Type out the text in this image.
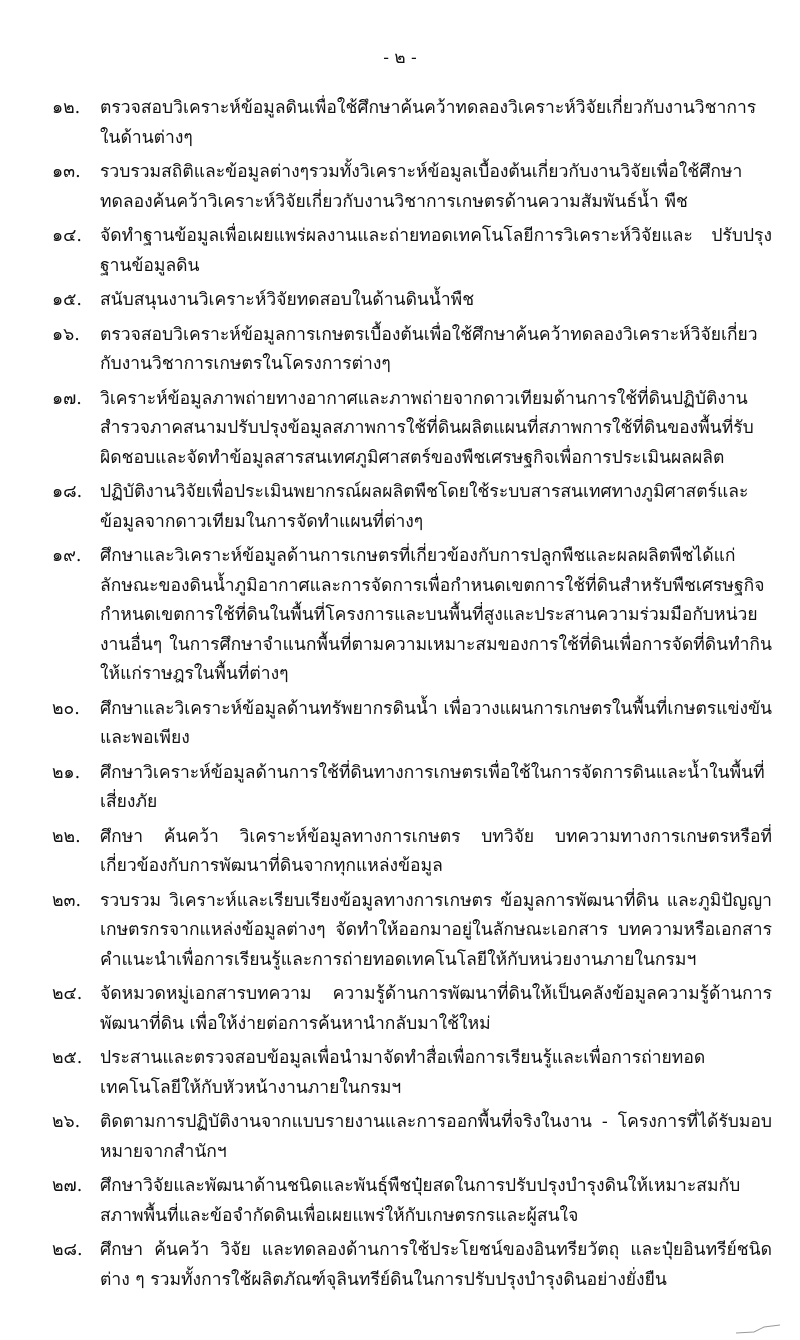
- ๒ -
๑๒.	ตรวจสอบวิเคราะห์ข้อมูลดินเพื่อใช้ศึกษาค้นคว้าทดลองวิเคราะห์วิจัยเกี่ยวกับงานวิชาการในด้านต่างๆ
๑๓.	รวบรวมสถิติและข้อมูลต่างๆรวมทั้งวิเคราะห์ข้อมูลเบื้องต้นเกี่ยวกับงานวิจัยเพื่อใช้ศึกษาทดลองค้นคว้าวิเคราะห์วิจัยเกี่ยวกับงานวิชาการเกษตรด้านความสัมพันธ์น้ำ พืช
๑๔.	จัดทำฐานข้อมูลเพื่อเผยแพร่ผลงานและถ่ายทอดเทคโนโลยีการวิเคราะห์วิจัยและ ปรับปรุงฐานข้อมูลดิน
๑๕.	สนับสนุนงานวิเคราะห์วิจัยทดสอบในด้านดินน้ำพืช
๑๖.	ตรวจสอบวิเคราะห์ข้อมูลการเกษตรเบื้องต้นเพื่อใช้ศึกษาค้นคว้าทดลองวิเคราะห์วิจัยเกี่ยวกับงานวิชาการเกษตรในโครงการต่างๆ
๑๗.	วิเคราะห์ข้อมูลภาพถ่ายทางอากาศและภาพถ่ายจากดาวเทียมด้านการใช้ที่ดินปฏิบัติงานสำรวจภาคสนามปรับปรุงข้อมูลสภาพการใช้ที่ดินผลิตแผนที่สภาพการใช้ที่ดินของพื้นที่รับผิดชอบและจัดทำข้อมูลสารสนเทศภูมิศาสตร์ของพืชเศรษฐกิจเพื่อการประเมินผลผลิต
๑๘.	ปฏิบัติงานวิจัยเพื่อประเมินพยากรณ์ผลผลิตพืชโดยใช้ระบบสารสนเทศทางภูมิศาสตร์และข้อมูลจากดาวเทียมในการจัดทำแผนที่ต่างๆ
๑๙.	ศึกษาและวิเคราะห์ข้อมูลด้านการเกษตรที่เกี่ยวข้องกับการปลูกพืชและผลผลิตพืชได้แก่ลักษณะของดินน้ำภูมิอากาศและการจัดการเพื่อกำหนดเขตการใช้ที่ดินสำหรับพืชเศรษฐกิจกำหนดเขตการใช้ที่ดินในพื้นที่โครงการและบนพื้นที่สูงและประสานความร่วมมือกับหน่วยงานอื่นๆ ในการศึกษาจำแนกพื้นที่ตามความเหมาะสมของการใช้ที่ดินเพื่อการจัดที่ดินทำกินให้แก่ราษฎรในพื้นที่ต่างๆ
๒๐.	ศึกษาและวิเคราะห์ข้อมูลด้านทรัพยากรดินน้ำ เพื่อวางแผนการเกษตรในพื้นที่เกษตรแข่งขันและพอเพียง
๒๑.	ศึกษาวิเคราะห์ข้อมูลด้านการใช้ที่ดินทางการเกษตรเพื่อใช้ในการจัดการดินและน้ำในพื้นที่เสี่ยงภัย
๒๒.	ศึกษา ค้นคว้า วิเคราะห์ข้อมูลทางการเกษตร บทวิจัย บทความทางการเกษตรหรือที่เกี่ยวข้องกับการพัฒนาที่ดินจากทุกแหล่งข้อมูล
๒๓.	รวบรวม วิเคราะห์และเรียบเรียงข้อมูลทางการเกษตร ข้อมูลการพัฒนาที่ดิน และภูมิปัญญาเกษตรกรจากแหล่งข้อมูลต่างๆ จัดทำให้ออกมาอยู่ในลักษณะเอกสาร บทความหรือเอกสารคำแนะนำเพื่อการเรียนรู้และการถ่ายทอดเทคโนโลยีให้กับหน่วยงานภายในกรมฯ
๒๔.	จัดหมวดหมู่เอกสารบทความ ความรู้ด้านการพัฒนาที่ดินให้เป็นคลังข้อมูลความรู้ด้านการพัฒนาที่ดิน เพื่อให้ง่ายต่อการค้นหานำกลับมาใช้ใหม่
๒๕.	ประสานและตรวจสอบข้อมูลเพื่อนำมาจัดทำสื่อเพื่อการเรียนรู้และเพื่อการถ่ายทอดเทคโนโลยีให้กับหัวหน้างานภายในกรมฯ
๒๖.	ติดตามการปฏิบัติงานจากแบบรายงานและการออกพื้นที่จริงในงาน - โครงการที่ได้รับมอบหมายจากสำนักฯ
๒๗.	ศึกษาวิจัยและพัฒนาด้านชนิดและพันธุ์พืชปุ๋ยสดในการปรับปรุงบำรุงดินให้เหมาะสมกับสภาพพื้นที่และข้อจำกัดดินเพื่อเผยแพร่ให้กับเกษตรกรและผู้สนใจ
๒๘. ศึกษา ค้นคว้า วิจัย และทดลองด้านการใช้ประโยชน์ของอินทรียวัตถุ และปุ๋ยอินทรีย์ชนิดต่าง ๆ รวมทั้งการใช้ผลิตภัณฑ์จุลินทรีย์ดินในการปรับปรุงบำรุงดินอย่างยั่งยืน
